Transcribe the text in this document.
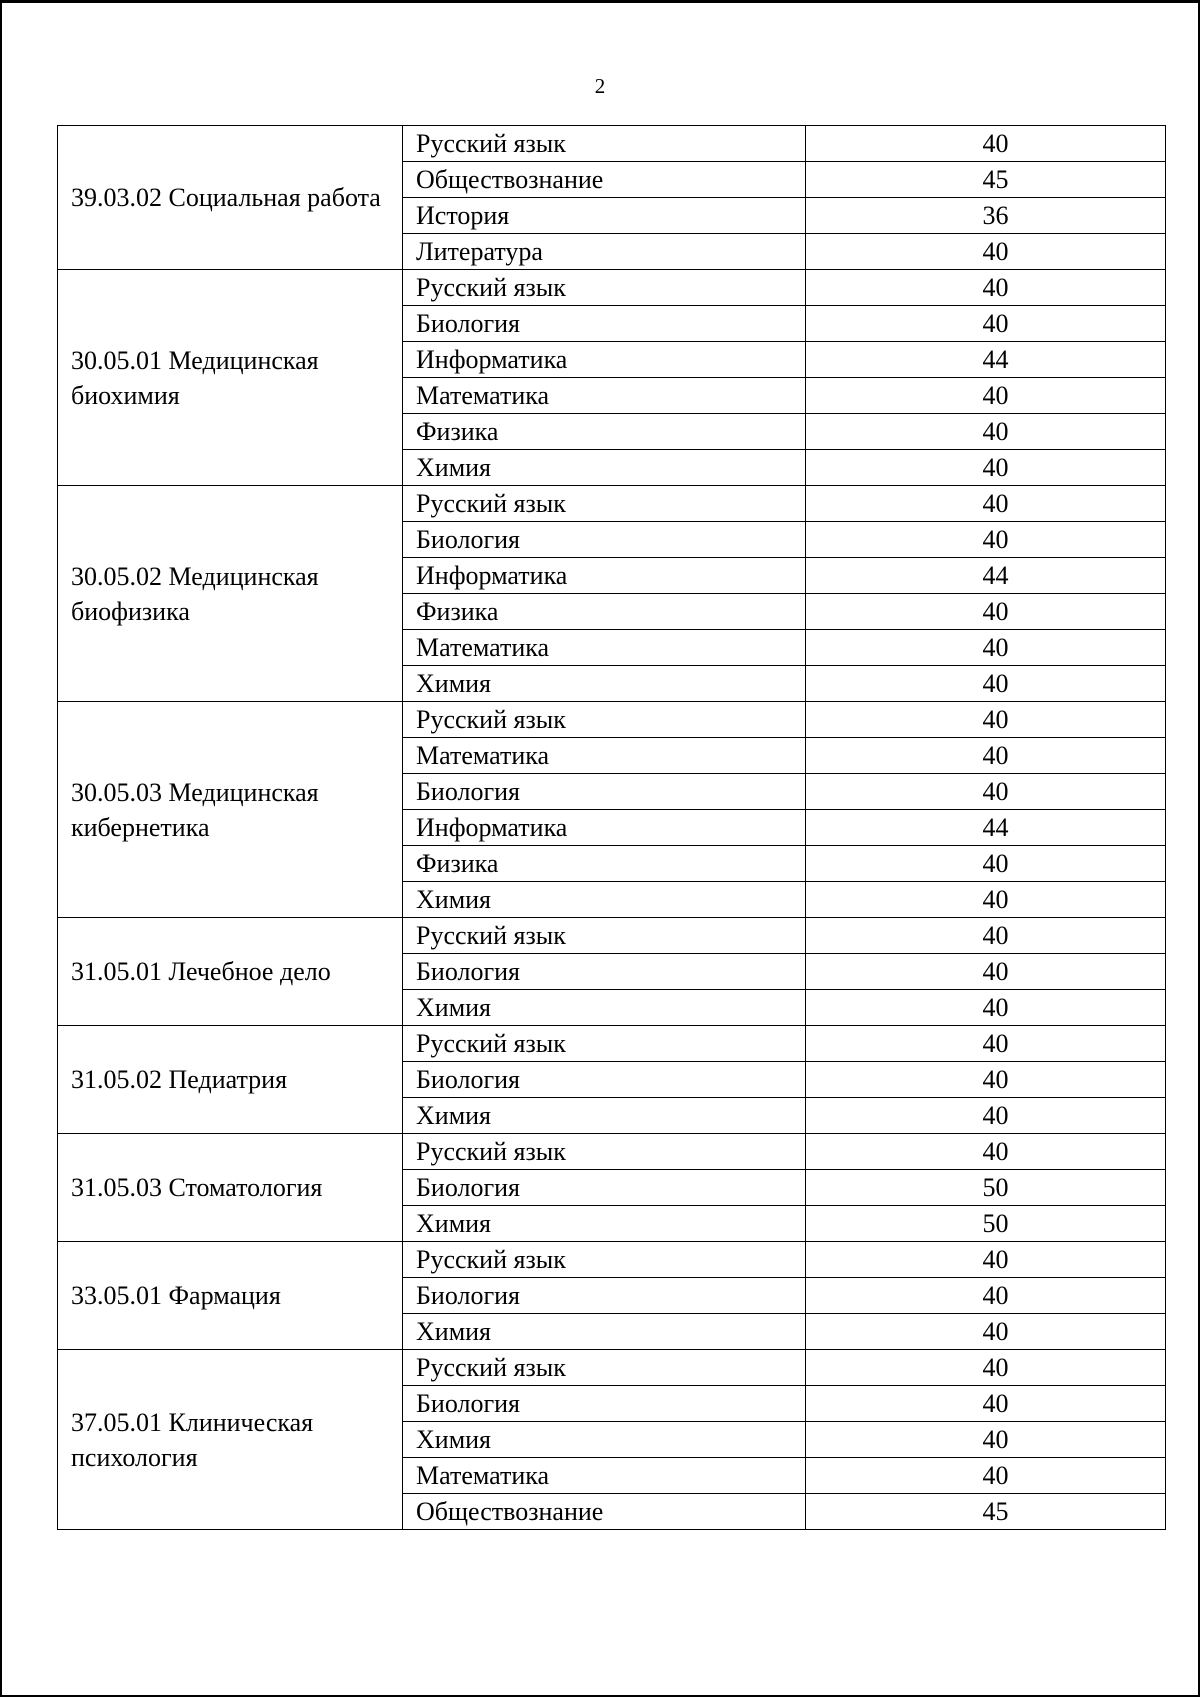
2
39.03.02 Социальная работа	Русский язык	40
	Обществознание	45
	История	36
	Литература	40
30.05.01 Медицинская биохимия	Русский язык	40
	Биология	40
	Информатика	44
	Математика	40
	Физика	40
	Химия	40
30.05.02 Медицинская биофизика	Русский язык	40
	Биология	40
	Информатика	44
	Физика	40
	Математика	40
	Химия	40
30.05.03 Медицинская кибернетика	Русский язык	40
	Математика	40
	Биология	40
	Информатика	44
	Физика	40
	Химия	40
31.05.01 Лечебное дело	Русский язык	40
	Биология	40
	Химия	40
31.05.02 Педиатрия	Русский язык	40
	Биология	40
	Химия	40
31.05.03 Стоматология	Русский язык	40
	Биология	50
	Химия	50
33.05.01 Фармация	Русский язык	40
	Биология	40
	Химия	40
37.05.01 Клиническая психология	Русский язык	40
	Биология	40
	Химия	40
	Математика	40
	Обществознание	45
